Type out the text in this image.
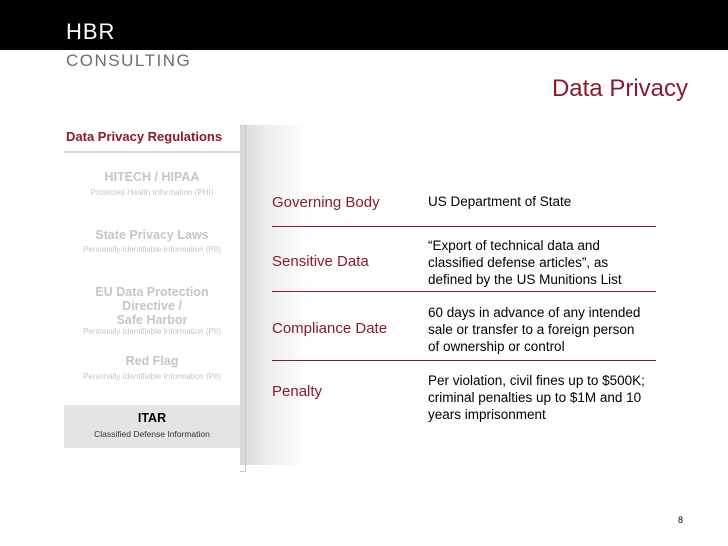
HBR
CONSULTING
Data Privacy
Data Privacy Regulations
HITECH / HIPAA
Protected Health Information (PHI)
State Privacy Laws
Personally Identifiable Information (PII)
EU Data Protection
Directive /
Safe Harbor
Personally Identifiable Information (PII)
Red Flag
Personally Identifiable Information (PII)
ITAR
Classified Defense Information
Governing Body	US Department of State
Sensitive Data
“Export of technical data and
classified defense articles”, as
defined by the US Munitions List
Compliance Date
60 days in advance of any intended
sale or transfer to a foreign person
of ownership or control
Penalty
Per violation, civil fines up to $500K;
criminal penalties up to $1M and 10
years imprisonment
8
